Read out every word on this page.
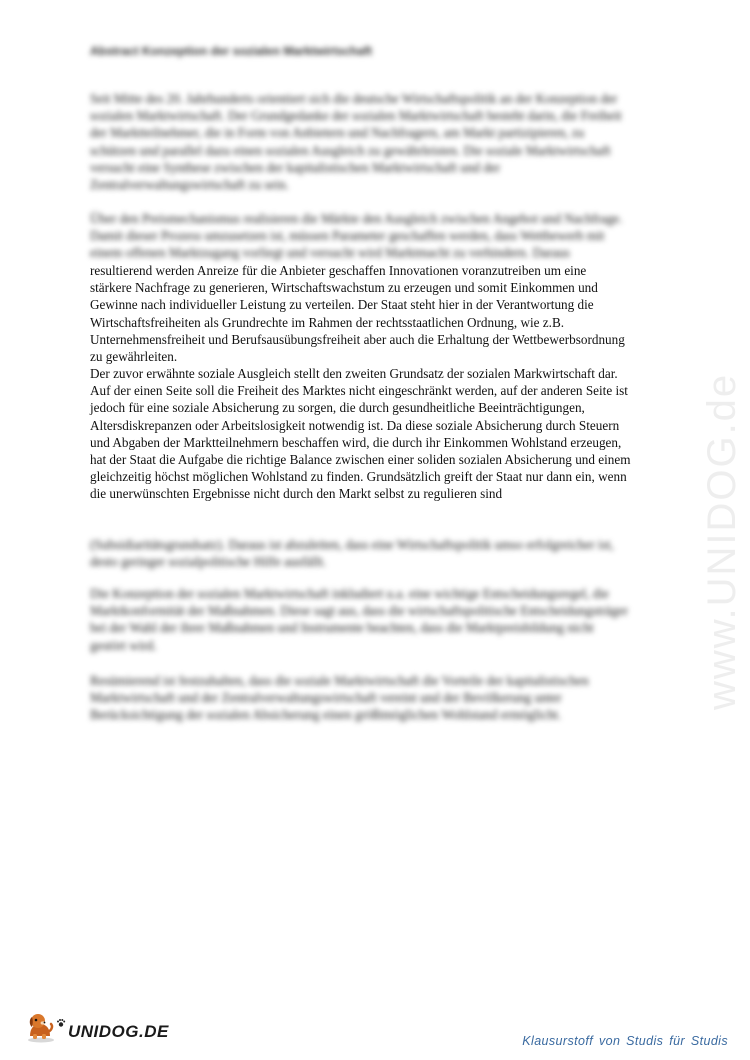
Abstract Konzeption der sozialen Marktwirtschaft
Seit Mitte des 20. Jahrhunderts orientiert sich die deutsche Wirtschaftspolitik an der Konzeption der
sozialen Marktwirtschaft. Der Grundgedanke der sozialen Marktwirtschaft besteht darin, die Freiheit
der Marktteilnehmer, die in Form von Anbietern und Nachfragern, am Markt partizipieren, zu
schützen und parallel dazu einen sozialen Ausgleich zu gewährleisten. Die soziale Marktwirtschaft
versucht eine Synthese zwischen der kapitalistischen Marktwirtschaft und der
Zentralverwaltungswirtschaft zu sein.
Über den Preismechanismus realisieren die Märkte den Ausgleich zwischen Angebot und Nachfrage.
Damit dieser Prozess umzusetzen ist, müssen Parameter geschaffen werden, dass Wettbewerb mit
einem offenen Marktzugang vorliegt und versucht wird Marktmacht zu verhindern. Daraus
resultierend werden Anreize für die Anbieter geschaffen Innovationen voranzutreiben um eine
stärkere Nachfrage zu generieren, Wirtschaftswachstum zu erzeugen und somit Einkommen und
Gewinne nach individueller Leistung zu verteilen. Der Staat steht hier in der Verantwortung die
Wirtschaftsfreiheiten als Grundrechte im Rahmen der rechtsstaatlichen Ordnung, wie z.B.
Unternehmensfreiheit und Berufsausübungsfreiheit aber auch die Erhaltung der Wettbewerbsordnung
zu gewährleiten.
Der zuvor erwähnte soziale Ausgleich stellt den zweiten Grundsatz der sozialen Markwirtschaft dar.
Auf der einen Seite soll die Freiheit des Marktes nicht eingeschränkt werden, auf der anderen Seite ist
jedoch für eine soziale Absicherung zu sorgen, die durch gesundheitliche Beeinträchtigungen,
Altersdiskrepanzen oder Arbeitslosigkeit notwendig ist. Da diese soziale Absicherung durch Steuern
und Abgaben der Marktteilnehmern beschaffen wird, die durch ihr Einkommen Wohlstand erzeugen,
hat der Staat die Aufgabe die richtige Balance zwischen einer soliden sozialen Absicherung und einem
gleichzeitig höchst möglichen Wohlstand zu finden. Grundsätzlich greift der Staat nur dann ein, wenn
die unerwünschten Ergebnisse nicht durch den Markt selbst zu regulieren sind
(Subsidiaritätsgrundsatz). Daraus ist abzuleiten, dass eine Wirtschaftspolitik umso erfolgreicher ist,
desto geringer sozialpolitische Hilfe ausfällt.
Die Konzeption der sozialen Marktwirtschaft inkludiert u.a. eine wichtige Entscheidungsregel, die
Marktkonformität der Maßnahmen. Diese sagt aus, dass die wirtschaftspolitische Entscheidungsträger
bei der Wahl der ihrer Maßnahmen und Instrumente beachten, dass die Marktpreisbildung nicht
gestört wird.
Resümierend ist festzuhalten, dass die soziale Marktwirtschaft die Vorteile der kapitalistischen
Marktwirtschaft und der Zentralverwaltungswirtschaft vereint und der Bevölkerung unter
Berücksichtigung der sozialen Absicherung einen größtmöglichen Wohlstand ermöglicht.
www.UNIDOG.de
UNIDOG.DE	Klausurstoff von Studis für Studis
